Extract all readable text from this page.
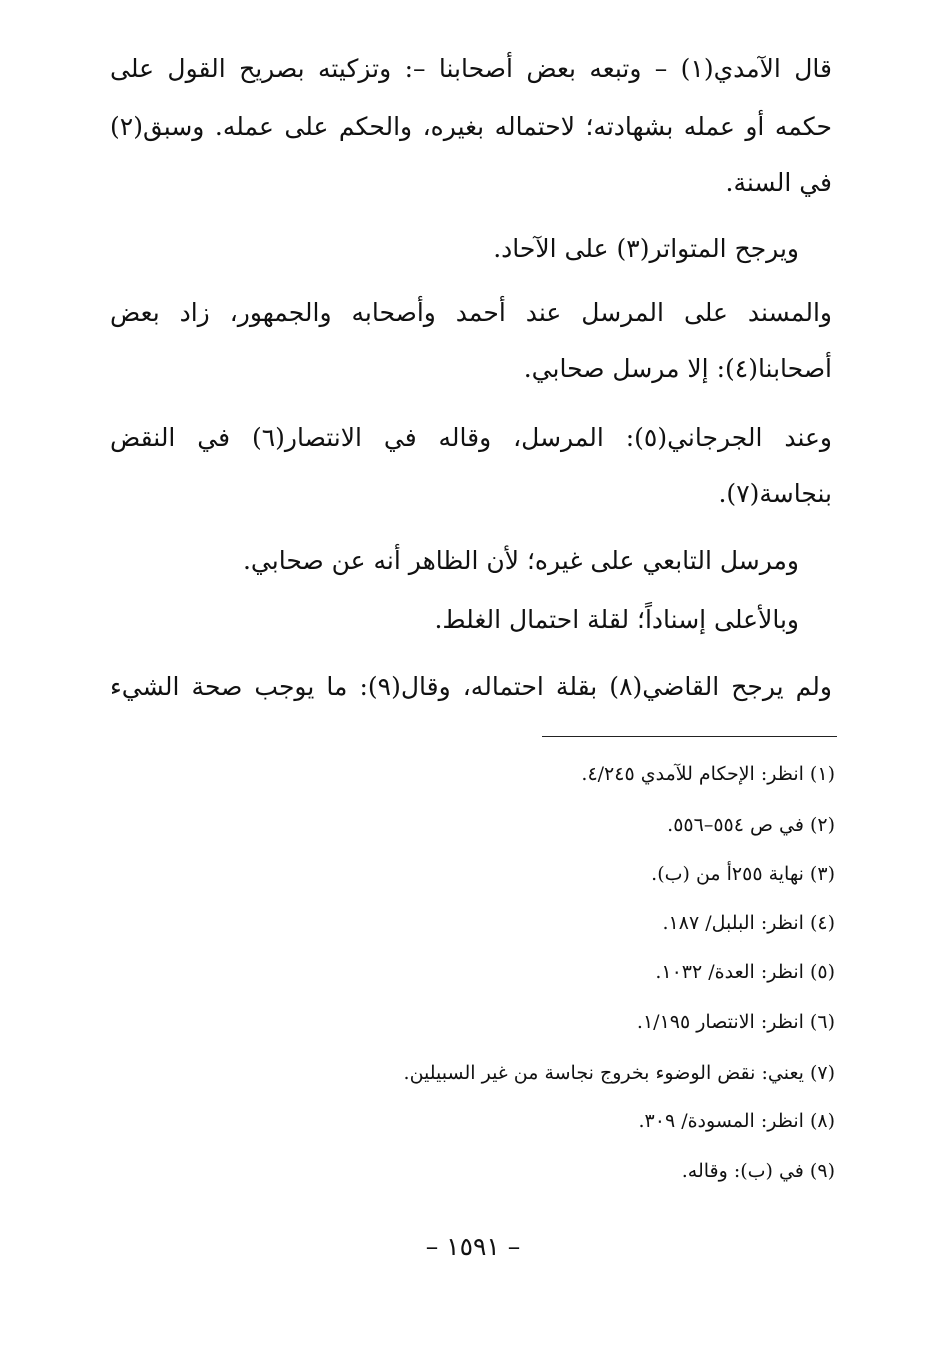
قال الآمدي(١) – وتبعه بعض أصحابنا –: وتزكيته بصريح القول على
حكمه أو عمله بشهادته؛ لاحتماله بغيره، والحكم على عمله. وسبق(٢)
في السنة.
ويرجح المتواتر(٣) على الآحاد.
والمسند على المرسل عند أحمد وأصحابه والجمهور، زاد بعض
أصحابنا(٤): إلا مرسل صحابي.
وعند الجرجاني(٥): المرسل، وقاله في الانتصار(٦) في النقض
بنجاسة(٧).
ومرسل التابعي على غيره؛ لأن الظاهر أنه عن صحابي.
وبالأعلى إسناداً؛ لقلة احتمال الغلط.
ولم يرجح القاضي(٨) بقلة احتماله، وقال(٩): ما يوجب صحة الشيء
(١) انظر: الإحكام للآمدي ٤/٢٤٥.
(٢) في ص ٥٥٤–٥٥٦.
(٣) نهاية ٢٥٥أ من (ب).
(٤) انظر: البلبل/ ١٨٧.
(٥) انظر: العدة/ ١٠٣٢.
(٦) انظر: الانتصار ١/١٩٥.
(٧) يعني: نقض الوضوء بخروج نجاسة من غير السبيلين.
(٨) انظر: المسودة/ ٣٠٩.
(٩) في (ب): وقاله.
– ١٥٩١ –
